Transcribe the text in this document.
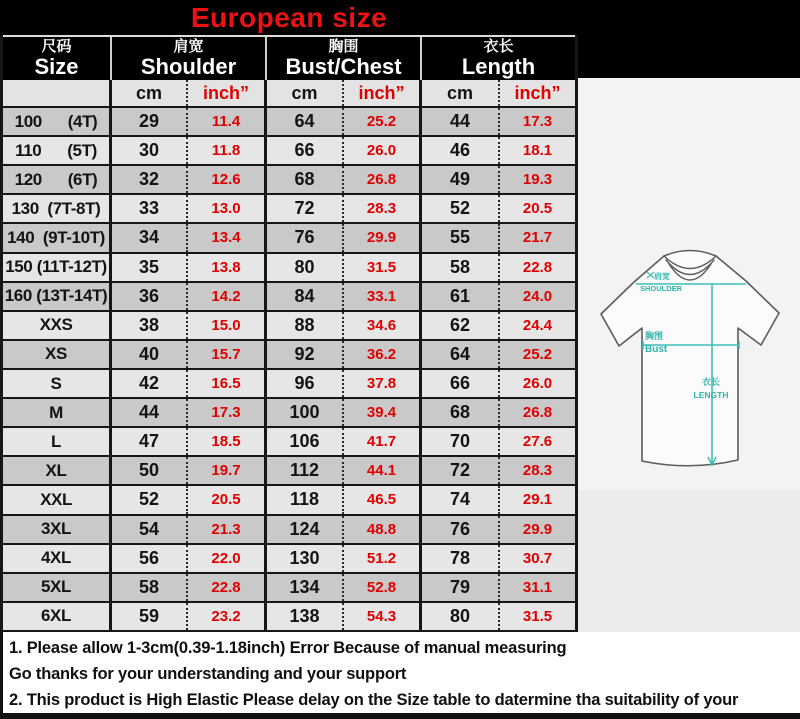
European size
尺码
Size
肩宽
Shoulder
胸围
Bust/Chest
衣长
Length
cm	inch”	cm	inch”	cm	inch”
100      (4T)	29	11.4	64	25.2	44	17.3
110      (5T)	30	11.8	66	26.0	46	18.1
120      (6T)	32	12.6	68	26.8	49	19.3
130  (7T-8T)	33	13.0	72	28.3	52	20.5
140  (9T-10T)	34	13.4	76	29.9	55	21.7
150 (11T-12T)	35	13.8	80	31.5	58	22.8
160 (13T-14T)	36	14.2	84	33.1	61	24.0
XXS	38	15.0	88	34.6	62	24.4
XS	40	15.7	92	36.2	64	25.2
S	42	16.5	96	37.8	66	26.0
M	44	17.3	100	39.4	68	26.8
L	47	18.5	106	41.7	70	27.6
XL	50	19.7	112	44.1	72	28.3
XXL	52	20.5	118	46.5	74	29.1
3XL	54	21.3	124	48.8	76	29.9
4XL	56	22.0	130	51.2	78	30.7
5XL	58	22.8	134	52.8	79	31.1
6XL	59	23.2	138	54.3	80	31.5
肩宽
SHOULDER
胸围
Bust
衣长
LENGTH
1. Please allow 1-3cm(0.39-1.18inch) Error Because of manual measuring
Go thanks for your understanding and your support
2. This product is High Elastic Please delay on the Size table to datermine tha suitability of your
